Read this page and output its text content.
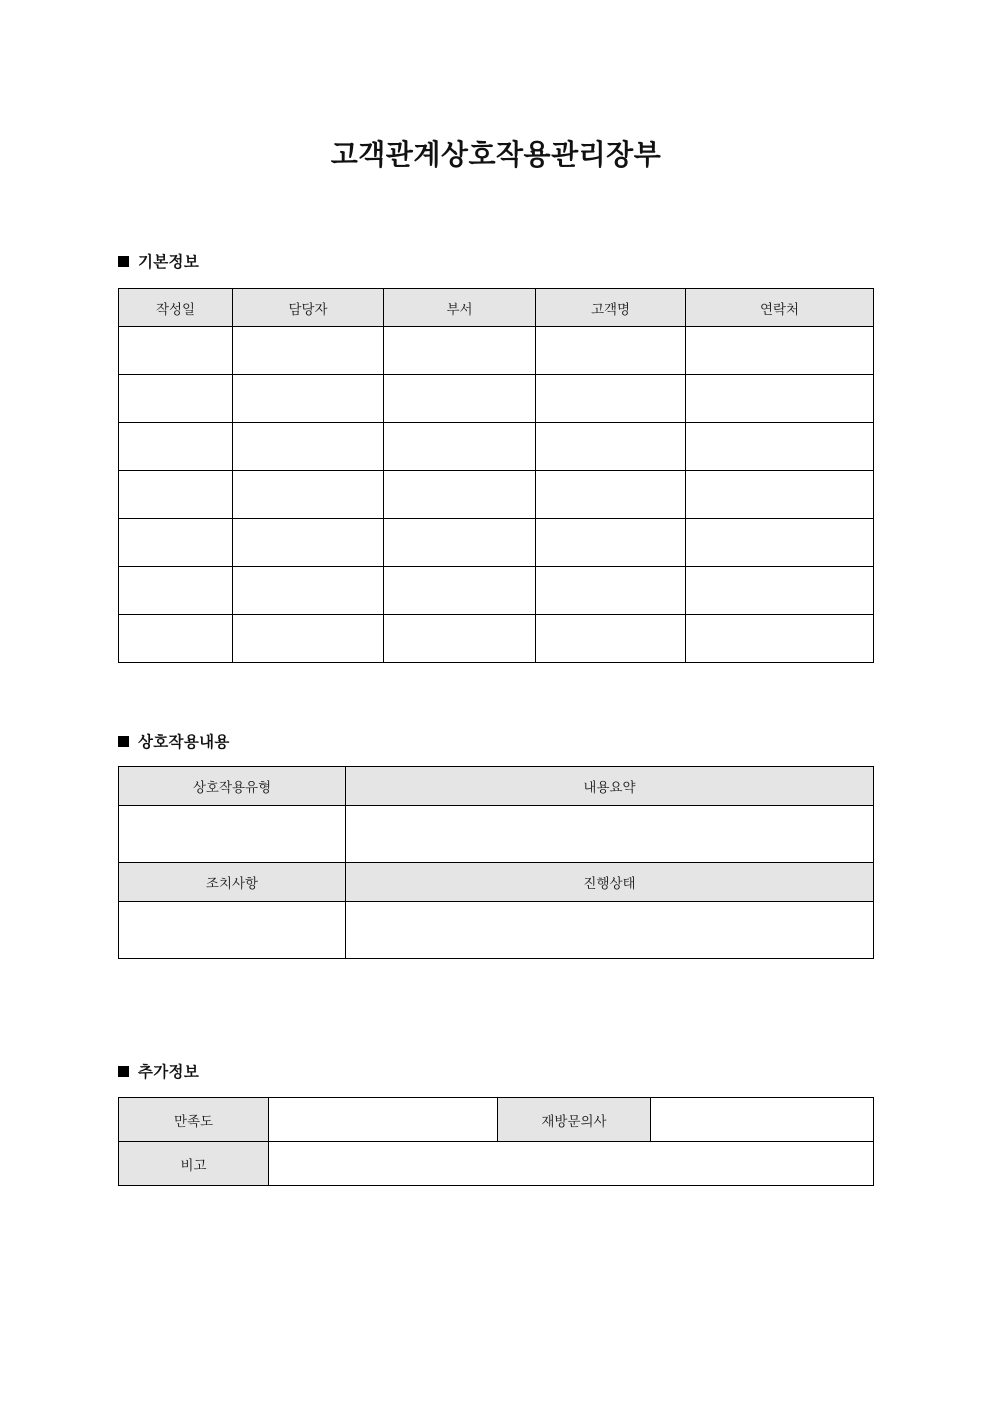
고객관계상호작용관리장부
기본정보
작성일	담당자	부서	고객명	연락처

상호작용내용
상호작용유형	내용요약

조치사항	진행상태

추가정보
만족도		재방문의사	
비고			
